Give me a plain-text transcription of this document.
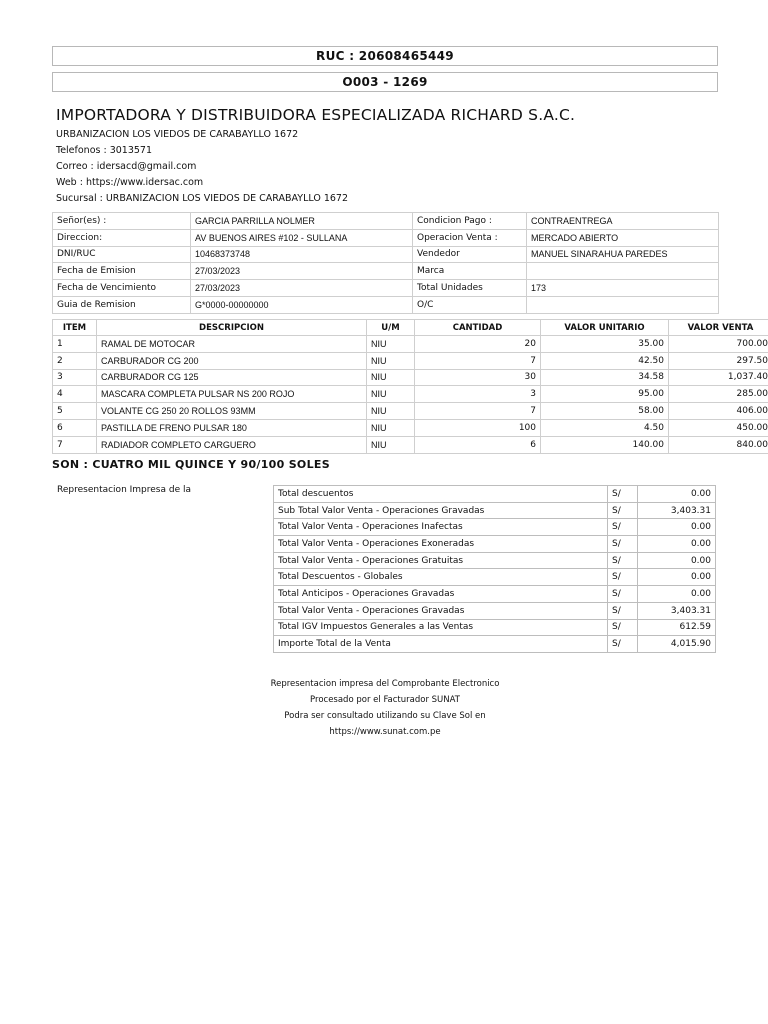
RUC : 20608465449
O003 - 1269
IMPORTADORA Y DISTRIBUIDORA ESPECIALIZADA RICHARD S.A.C.
URBANIZACION LOS VIEDOS DE CARABAYLLO 1672
Telefonos : 3013571
Correo : idersacd@gmail.com
Web : https://www.idersac.com
Sucursal : URBANIZACION LOS VIEDOS DE CARABAYLLO 1672
Señor(es) :	GARCIA PARRILLA NOLMER	Condicion Pago :	CONTRAENTREGA
Direccion:	AV BUENOS AIRES #102 - SULLANA	Operacion Venta :	MERCADO ABIERTO
DNI/RUC	10468373748	Vendedor	MANUEL SINARAHUA PAREDES
Fecha de Emision	27/03/2023	Marca	
Fecha de Vencimiento	27/03/2023	Total Unidades	173
Guia de Remision	G*0000-00000000	O/C	
ITEM	DESCRIPCION	U/M	CANTIDAD	VALOR UNITARIO	VALOR VENTA
1	RAMAL DE MOTOCAR	NIU	20	35.00	700.00
2	CARBURADOR CG 200	NIU	7	42.50	297.50
3	CARBURADOR CG 125	NIU	30	34.58	1,037.40
4	MASCARA COMPLETA PULSAR NS 200 ROJO	NIU	3	95.00	285.00
5	VOLANTE CG 250 20 ROLLOS 93MM	NIU	7	58.00	406.00
6	PASTILLA DE FRENO PULSAR 180	NIU	100	4.50	450.00
7	RADIADOR COMPLETO CARGUERO	NIU	6	140.00	840.00
SON : CUATRO MIL QUINCE Y 90/100 SOLES
Representacion Impresa de la	Total descuentos	S/	0.00
Sub Total Valor Venta - Operaciones Gravadas	S/	3,403.31
Total Valor Venta - Operaciones Inafectas	S/	0.00
Total Valor Venta - Operaciones Exoneradas	S/	0.00
Total Valor Venta - Operaciones Gratuitas	S/	0.00
Total Descuentos - Globales	S/	0.00
Total Anticipos - Operaciones Gravadas	S/	0.00
Total Valor Venta - Operaciones Gravadas	S/	3,403.31
Total IGV Impuestos Generales a las Ventas	S/	612.59
Importe Total de la Venta	S/	4,015.90
Representacion impresa del Comprobante Electronico
Procesado por el Facturador SUNAT
Podra ser consultado utilizando su Clave Sol en
https://www.sunat.com.pe
